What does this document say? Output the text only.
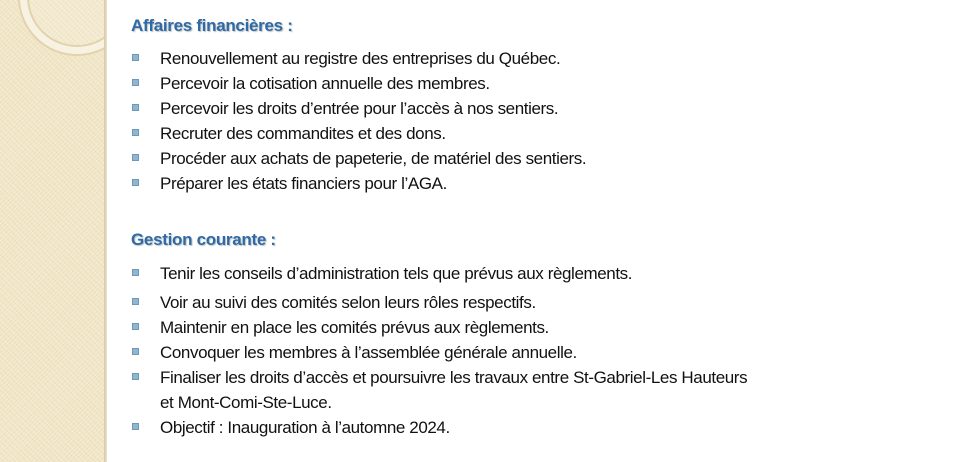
Affaires financières :
Renouvellement au registre des entreprises du Québec.
Percevoir la cotisation annuelle des membres.
Percevoir les droits d’entrée pour l’accès à nos sentiers.
Recruter des commandites et des dons.
Procéder aux achats de papeterie, de matériel des sentiers.
Préparer les états financiers pour l’AGA.
Gestion courante :
Tenir les conseils d’administration tels que prévus aux règlements.
Voir au suivi des comités selon leurs rôles respectifs.
Maintenir en place les comités prévus aux règlements.
Convoquer les membres à l’assemblée générale annuelle.
Finaliser les droits d’accès et poursuivre les travaux entre St-Gabriel-Les Hauteurs
et Mont-Comi-Ste-Luce.
Objectif : Inauguration à l’automne 2024.
